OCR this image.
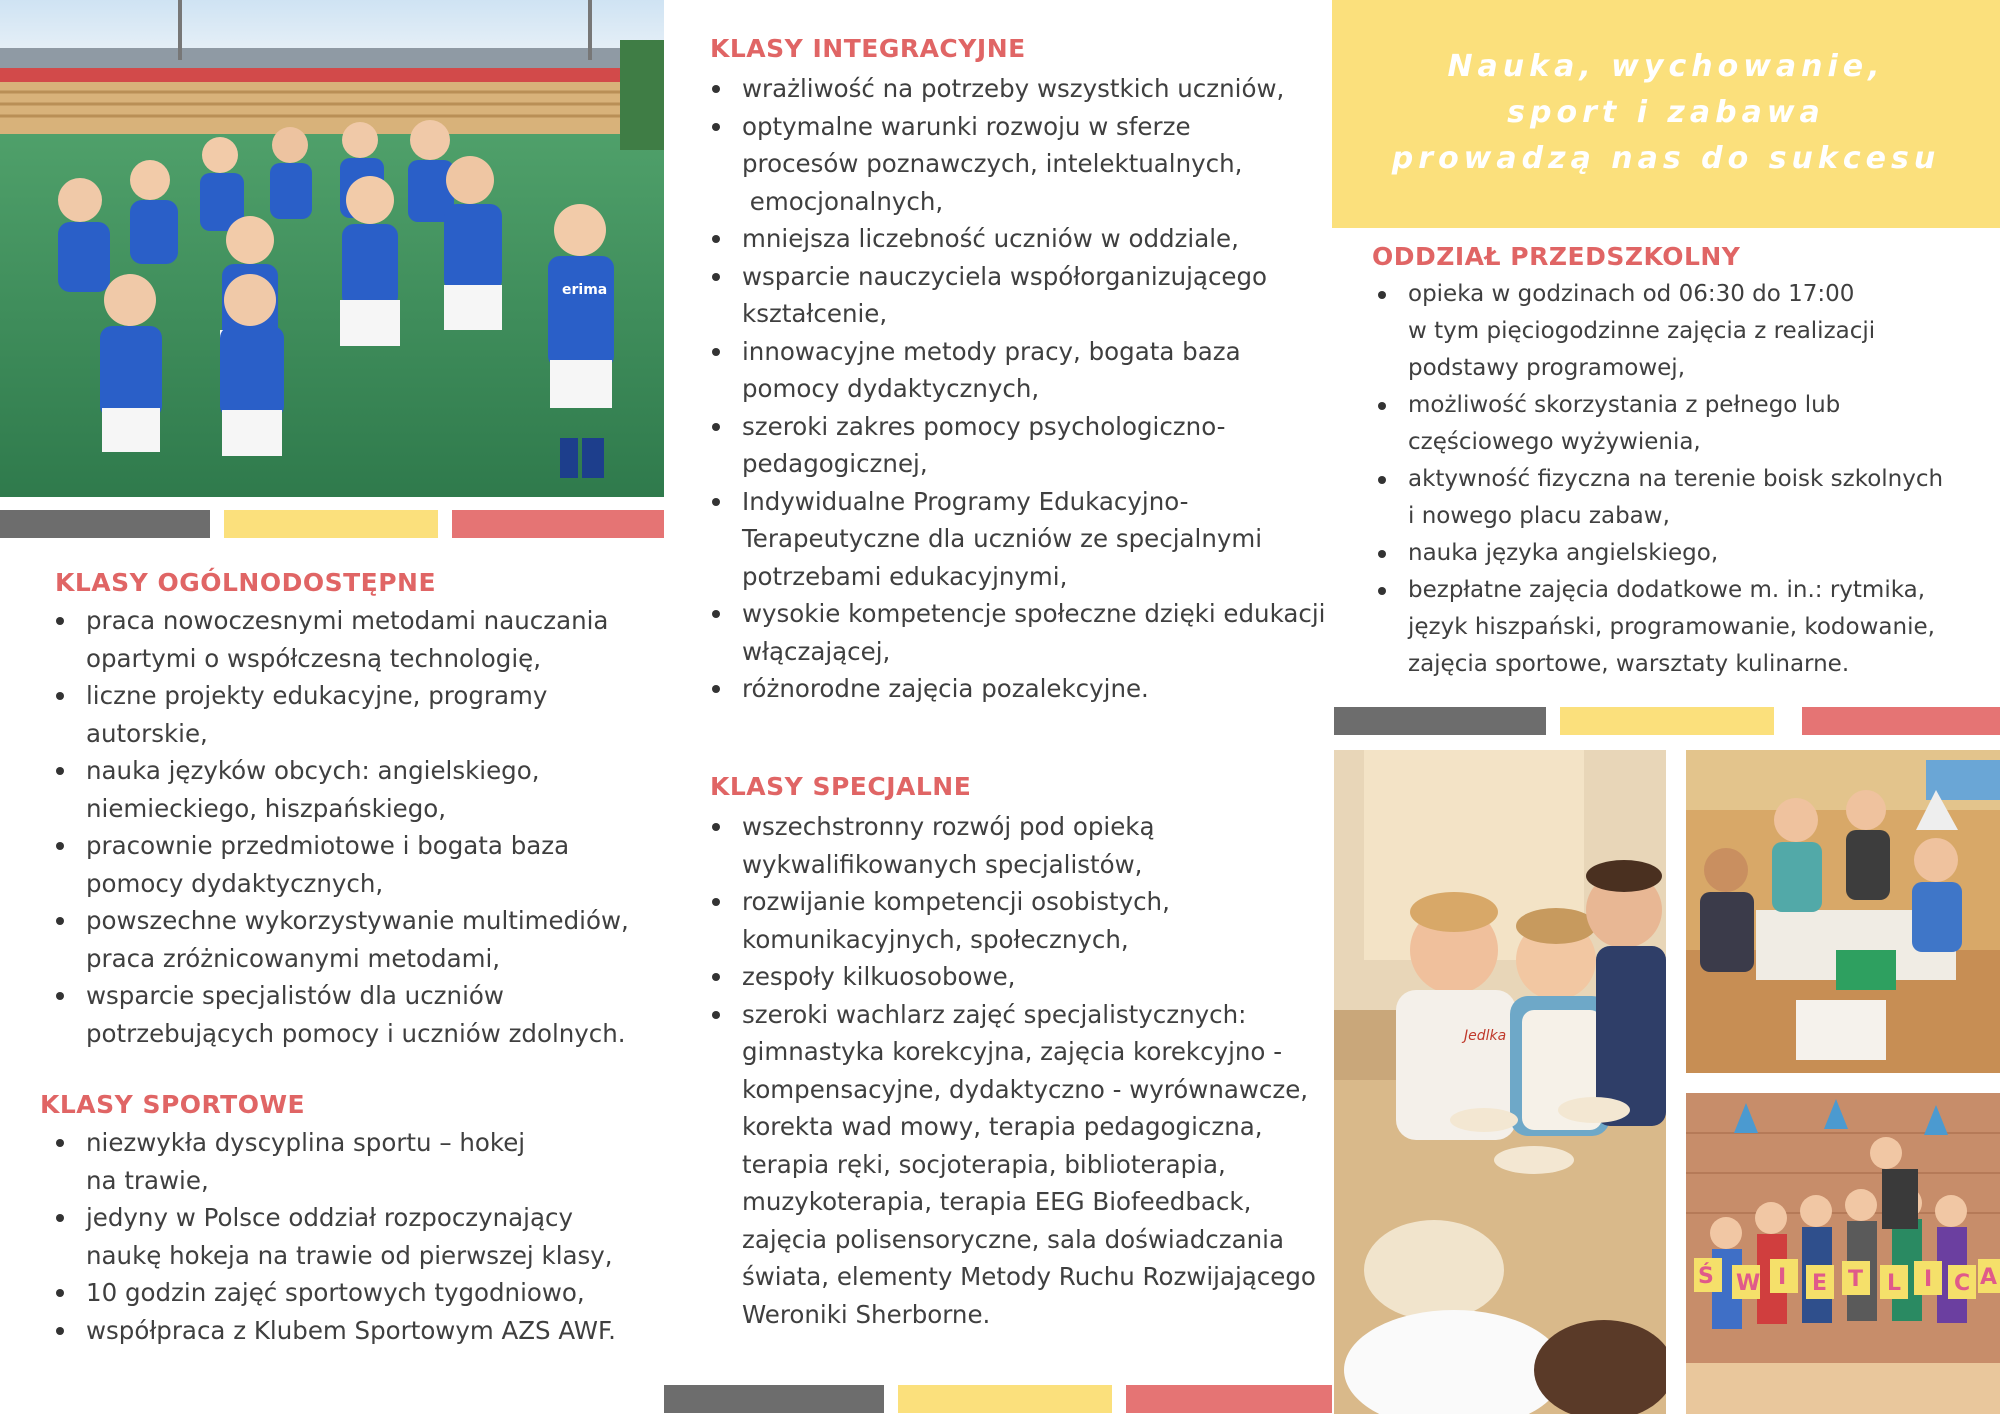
erima
KLASY OGÓLNODOSTĘPNE
praca nowoczesnymi metodami nauczania
opartymi o współczesną technologię,
liczne projekty edukacyjne, programy
autorskie,
nauka języków obcych: angielskiego,
niemieckiego, hiszpańskiego,
pracownie przedmiotowe i bogata baza
pomocy dydaktycznych,
powszechne wykorzystywanie multimediów,
praca zróżnicowanymi metodami,
wsparcie specjalistów dla uczniów
potrzebujących pomocy i uczniów zdolnych.
KLASY SPORTOWE
niezwykła dyscyplina sportu – hokej
na trawie,
jedyny w Polsce oddział rozpoczynający
naukę hokeja na trawie od pierwszej klasy,
10 godzin zajęć sportowych tygodniowo,
współpraca z Klubem Sportowym AZS AWF.
KLASY INTEGRACYJNE
wrażliwość na potrzeby wszystkich uczniów,
optymalne warunki rozwoju w sferze
procesów poznawczych, intelektualnych,
emocjonalnych,
mniejsza liczebność uczniów w oddziale,
wsparcie nauczyciela współorganizującego
kształcenie,
innowacyjne metody pracy, bogata baza
pomocy dydaktycznych,
szeroki zakres pomocy psychologiczno-
pedagogicznej,
Indywidualne Programy Edukacyjno-
Terapeutyczne dla uczniów ze specjalnymi
potrzebami edukacyjnymi,
wysokie kompetencje społeczne dzięki edukacji
włączającej,
różnorodne zajęcia pozalekcyjne.
KLASY SPECJALNE
wszechstronny rozwój pod opieką
wykwalifikowanych specjalistów,
rozwijanie kompetencji osobistych,
komunikacyjnych, społecznych,
zespoły kilkuosobowe,
szeroki wachlarz zajęć specjalistycznych:
gimnastyka korekcyjna, zajęcia korekcyjno -
kompensacyjne, dydaktyczno - wyrównawcze,
korekta wad mowy, terapia pedagogiczna,
terapia ręki, socjoterapia, biblioterapia,
muzykoterapia, terapia EEG Biofeedback,
zajęcia polisensoryczne, sala doświadczania
świata, elementy Metody Ruchu Rozwijającego
Weroniki Sherborne.
Nauka, wychowanie,
sport i zabawa
prowadzą nas do sukcesu
ODDZIAŁ PRZEDSZKOLNY
opieka w godzinach od 06:30 do 17:00
w tym pięciogodzinne zajęcia z realizacji
podstawy programowej,
możliwość skorzystania z pełnego lub
częściowego wyżywienia,
aktywność fizyczna na terenie boisk szkolnych
i nowego placu zabaw,
nauka języka angielskiego,
bezpłatne zajęcia dodatkowe m. in.: rytmika,
język hiszpański, programowanie, kodowanie,
zajęcia sportowe, warsztaty kulinarne.
Jedlka
Ś W I E T L I C A
